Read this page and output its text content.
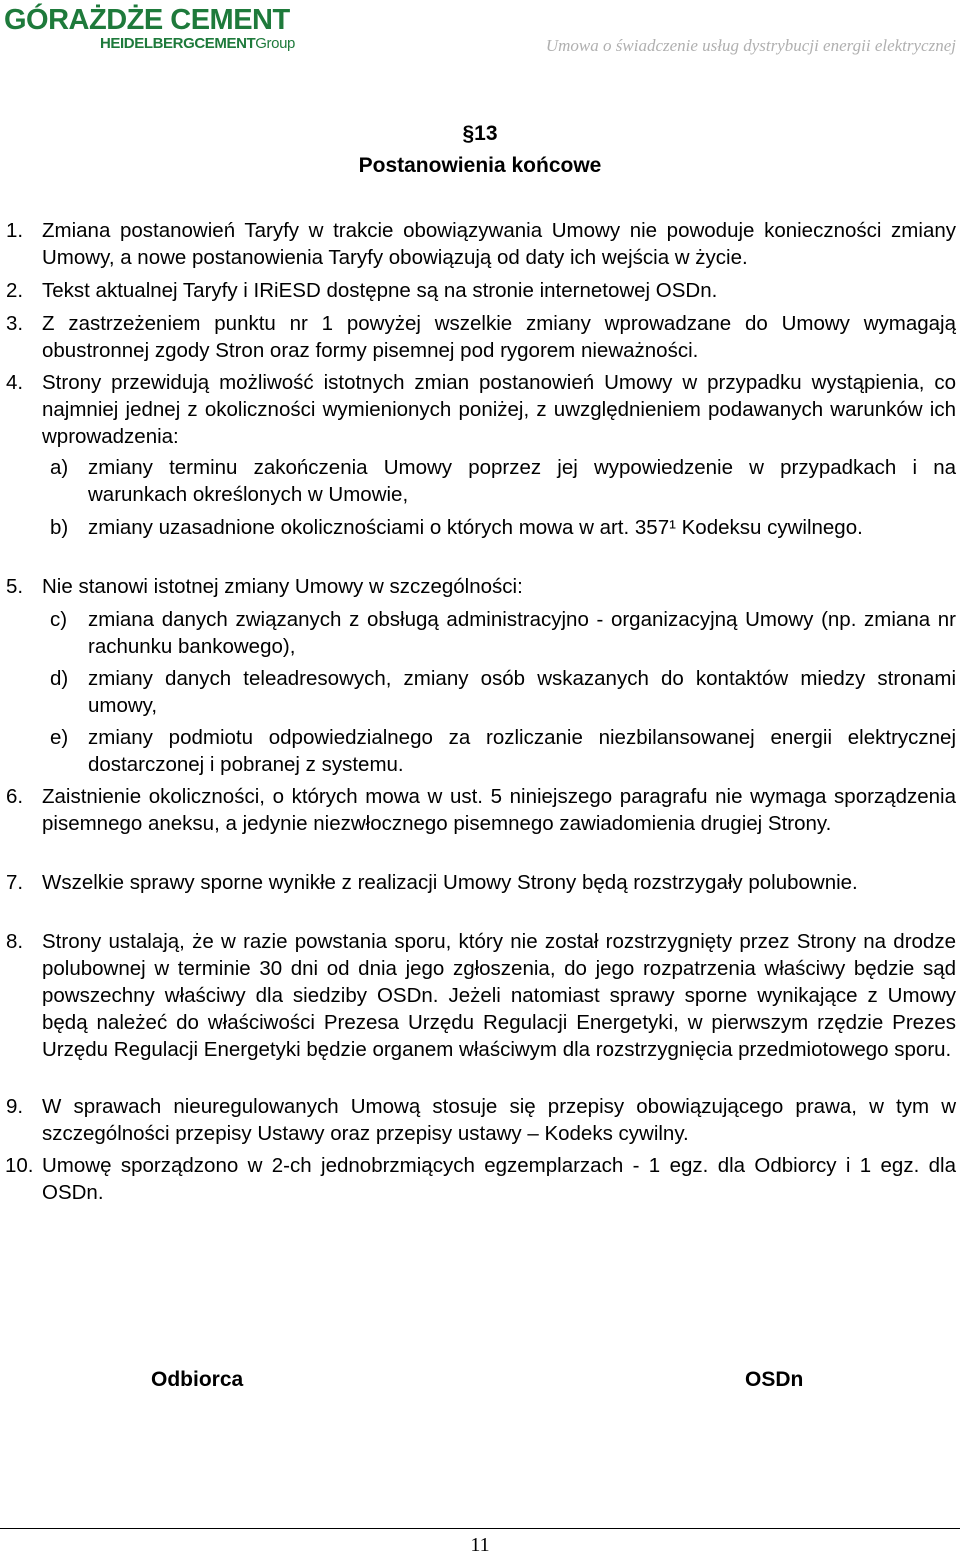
GÓRAŻDŻE CEMENT
HEIDELBERGCEMENTGroup	Umowa o świadczenie usług dystrybucji energii elektrycznej
§13
Postanowienia końcowe
1. Zmiana postanowień Taryfy w trakcie obowiązywania Umowy nie powoduje konieczności zmiany Umowy, a nowe postanowienia Taryfy obowiązują od daty ich wejścia w życie.
2. Tekst aktualnej Taryfy i IRiESD dostępne są na stronie internetowej OSDn.
3. Z zastrzeżeniem punktu nr 1 powyżej wszelkie zmiany wprowadzane do Umowy wymagają obustronnej zgody Stron oraz formy pisemnej pod rygorem nieważności.
4. Strony przewidują możliwość istotnych zmian postanowień Umowy w przypadku wystąpienia, co najmniej jednej z okoliczności wymienionych poniżej, z uwzględnieniem podawanych warunków ich wprowadzenia:
a) zmiany terminu zakończenia Umowy poprzez jej wypowiedzenie w przypadkach i na warunkach określonych w Umowie,
b) zmiany uzasadnione okolicznościami o których mowa w art. 357¹ Kodeksu cywilnego.
5. Nie stanowi istotnej zmiany Umowy w szczególności:
c) zmiana danych związanych z obsługą administracyjno - organizacyjną Umowy (np. zmiana nr rachunku bankowego),
d) zmiany danych teleadresowych, zmiany osób wskazanych do kontaktów miedzy stronami umowy,
e) zmiany podmiotu odpowiedzialnego za rozliczanie niezbilansowanej energii elektrycznej dostarczonej i pobranej z systemu.
6. Zaistnienie okoliczności, o których mowa w ust. 5 niniejszego paragrafu nie wymaga sporządzenia pisemnego aneksu, a jedynie niezwłocznego pisemnego zawiadomienia drugiej Strony.
7. Wszelkie sprawy sporne wynikłe z realizacji Umowy Strony będą rozstrzygały polubownie.
8. Strony ustalają, że w razie powstania sporu, który nie został rozstrzygnięty przez Strony na drodze polubownej w terminie 30 dni od dnia jego zgłoszenia, do jego rozpatrzenia właściwy będzie sąd powszechny właściwy dla siedziby OSDn. Jeżeli natomiast sprawy sporne wynikające z Umowy będą należeć do właściwości Prezesa Urzędu Regulacji Energetyki, w pierwszym rzędzie Prezes Urzędu Regulacji Energetyki będzie organem właściwym dla rozstrzygnięcia przedmiotowego sporu.
9. W sprawach nieuregulowanych Umową stosuje się przepisy obowiązującego prawa, w tym w szczególności przepisy Ustawy oraz przepisy ustawy – Kodeks cywilny.
10. Umowę sporządzono w 2-ch jednobrzmiących egzemplarzach - 1 egz. dla Odbiorcy i 1 egz. dla OSDn.
Odbiorca	OSDn
11
